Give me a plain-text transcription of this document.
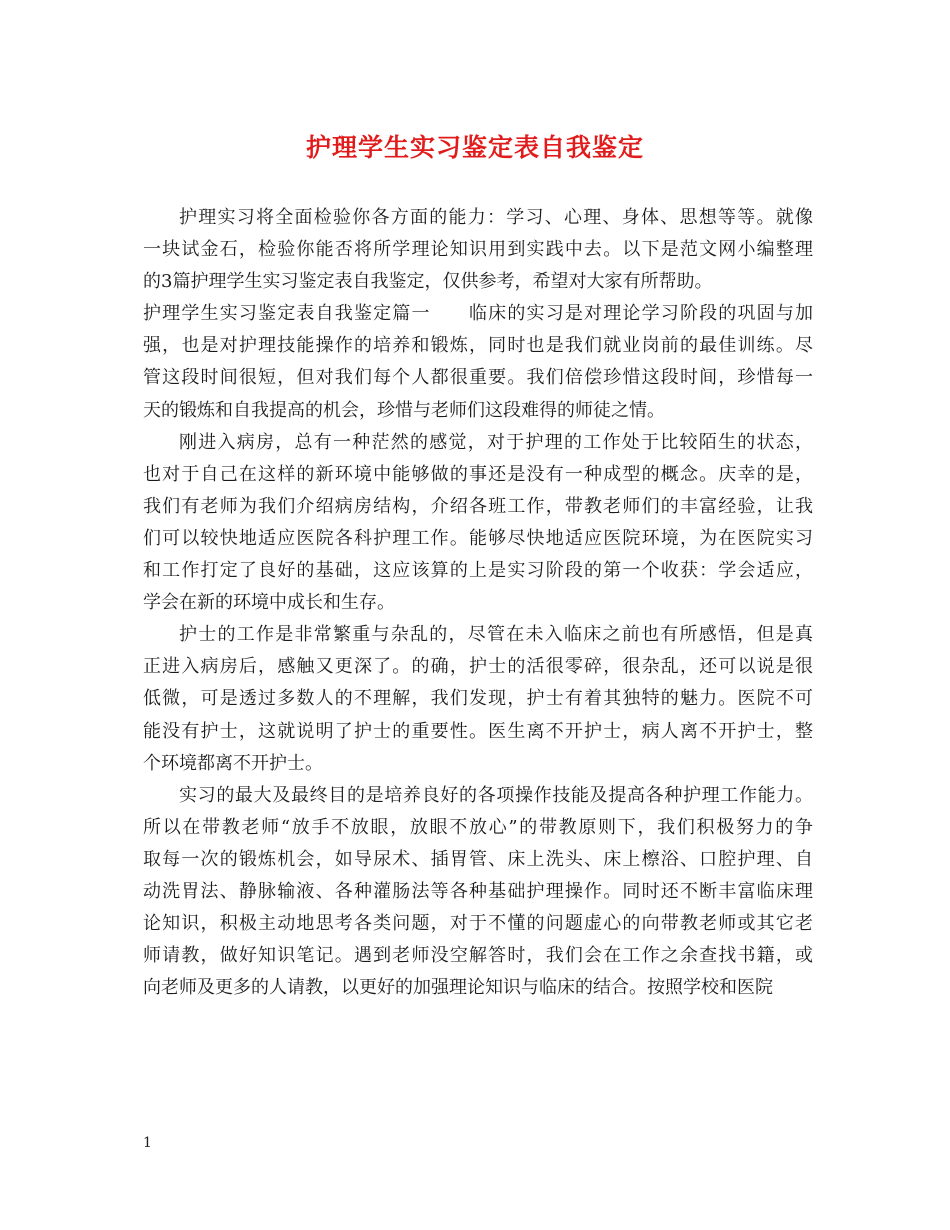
护理学生实习鉴定表自我鉴定

护理实习将全面检验你各方面的能力：学习、心理、身体、思想等等。就像
一块试金石，检验你能否将所学理论知识用到实践中去。以下是范文网小编整理
的3篇护理学生实习鉴定表自我鉴定，仅供参考，希望对大家有所帮助。

护理学生实习鉴定表自我鉴定篇一　　临床的实习是对理论学习阶段的巩固与加
强，也是对护理技能操作的培养和锻炼，同时也是我们就业岗前的最佳训练。尽
管这段时间很短，但对我们每个人都很重要。我们倍偿珍惜这段时间，珍惜每一
天的锻炼和自我提高的机会，珍惜与老师们这段难得的师徒之情。

刚进入病房，总有一种茫然的感觉，对于护理的工作处于比较陌生的状态，
也对于自己在这样的新环境中能够做的事还是没有一种成型的概念。庆幸的是，
我们有老师为我们介绍病房结构，介绍各班工作，带教老师们的丰富经验，让我
们可以较快地适应医院各科护理工作。能够尽快地适应医院环境，为在医院实习
和工作打定了良好的基础，这应该算的上是实习阶段的第一个收获：学会适应，
学会在新的环境中成长和生存。

护士的工作是非常繁重与杂乱的，尽管在未入临床之前也有所感悟，但是真
正进入病房后，感触又更深了。的确，护士的活很零碎，很杂乱，还可以说是很
低微，可是透过多数人的不理解，我们发现，护士有着其独特的魅力。医院不可
能没有护士，这就说明了护士的重要性。医生离不开护士，病人离不开护士，整
个环境都离不开护士。

实习的最大及最终目的是培养良好的各项操作技能及提高各种护理工作能力。
所以在带教老师“放手不放眼，放眼不放心”的带教原则下，我们积极努力的争
取每一次的锻炼机会，如导尿术、插胃管、床上洗头、床上檫浴、口腔护理、自
动洗胃法、静脉输液、各种灌肠法等各种基础护理操作。同时还不断丰富临床理
论知识，积极主动地思考各类问题，对于不懂的问题虚心的向带教老师或其它老
师请教，做好知识笔记。遇到老师没空解答时，我们会在工作之余查找书籍，或
向老师及更多的人请教，以更好的加强理论知识与临床的结合。按照学校和医院

1
